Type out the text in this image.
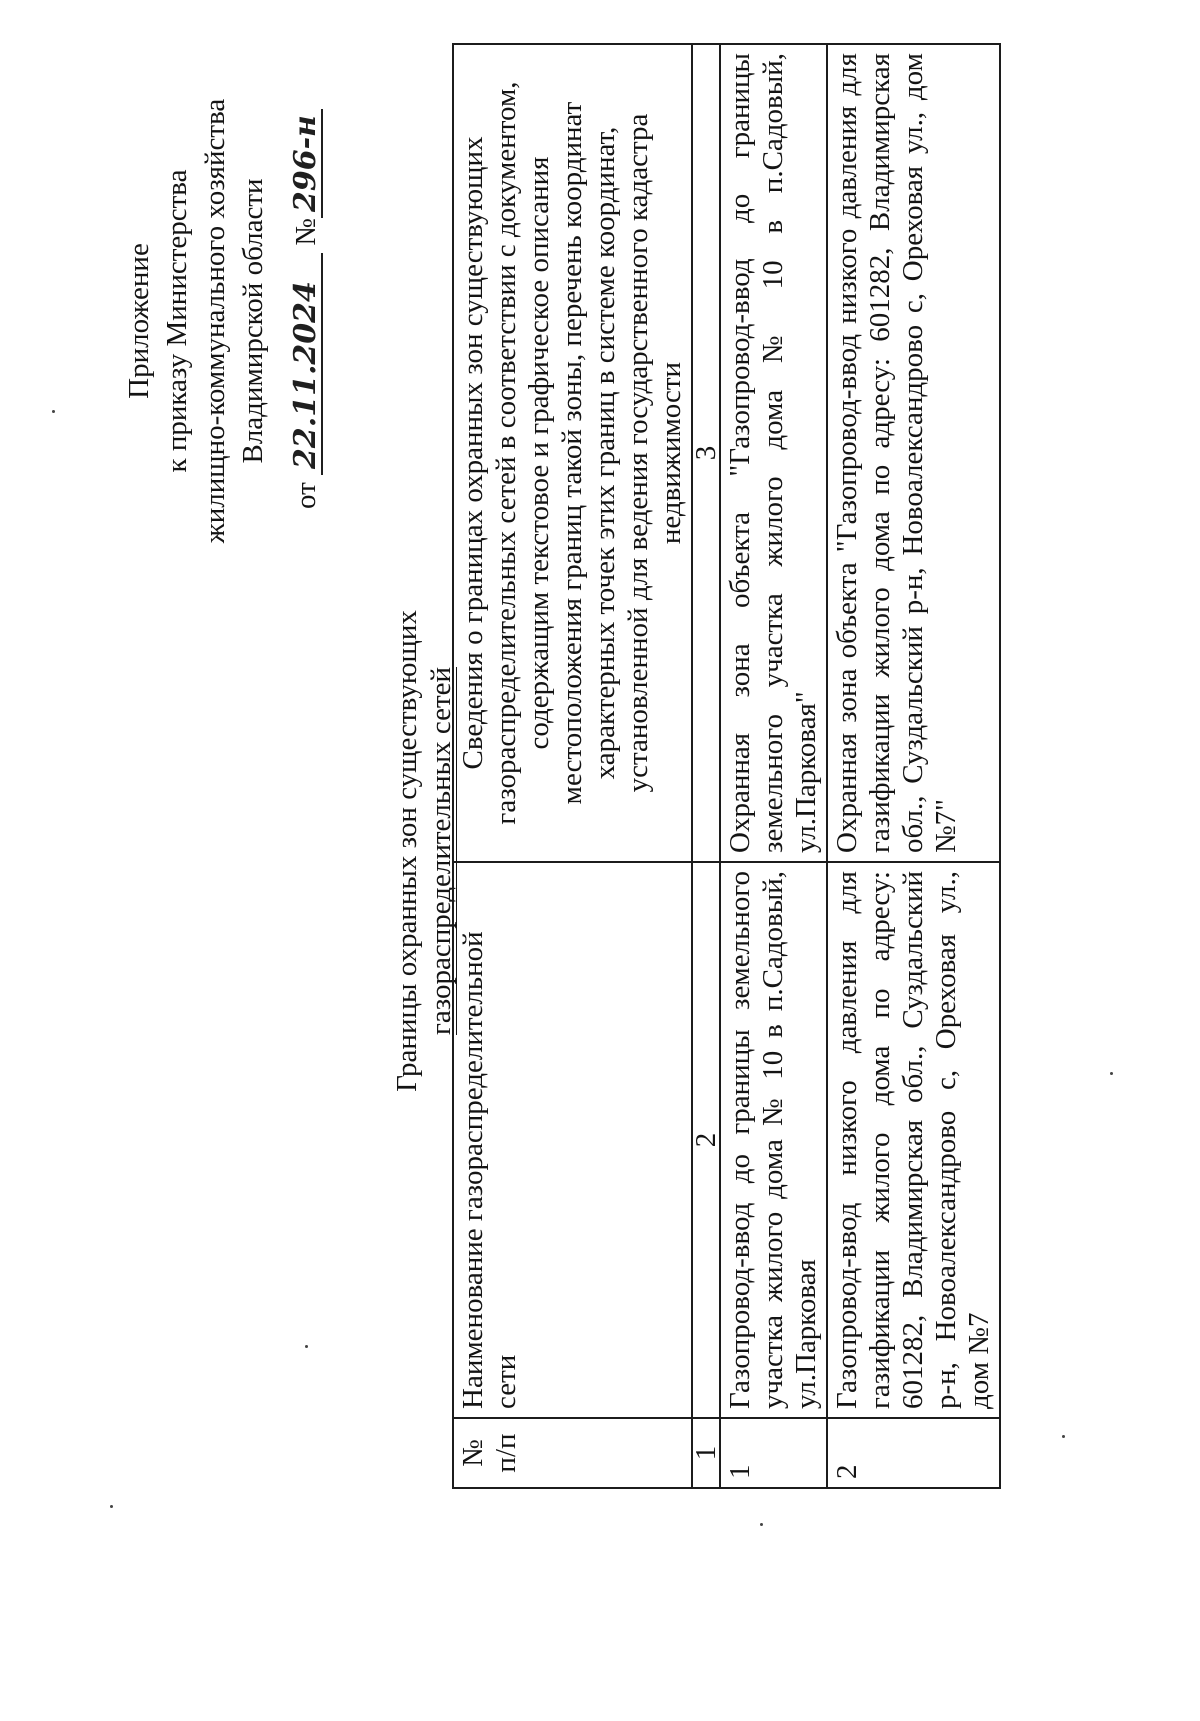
Приложение к приказу Министерства жилищно-коммунального хозяйства Владимирской области
от 22.11.2024 №296-н
Границы охранных зон существующих газораспределительных сетей
№ п/п	Наименование газораспределительной сети	Сведения о границах охранных зон существующих газораспределительных сетей в соответствии с документом, содержащим текстовое и графическое описания местоположения границ такой зоны, перечень координат характерных точек этих границ в системе координат, установленной для ведения государственного кадастра недвижимости
1	2	3
1	Газопровод-ввод до границы земельного участка жилого дома № 10 в п.Садовый, ул.Парковая	Охранная зона объекта "Газопровод-ввод до границы земельного участка жилого дома № 10 в п.Садовый, ул.Парковая"
2	Газопровод-ввод низкого давления для газификации жилого дома по адресу: 601282, Владимирская обл., Суздальский р-н, Новоалександрово с, Ореховая ул., дом №7	Охранная зона объекта "Газопровод-ввод низкого давления для газификации жилого дома по адресу: 601282, Владимирская обл., Суздальский р-н, Новоалександрово с, Ореховая ул., дом №7"
